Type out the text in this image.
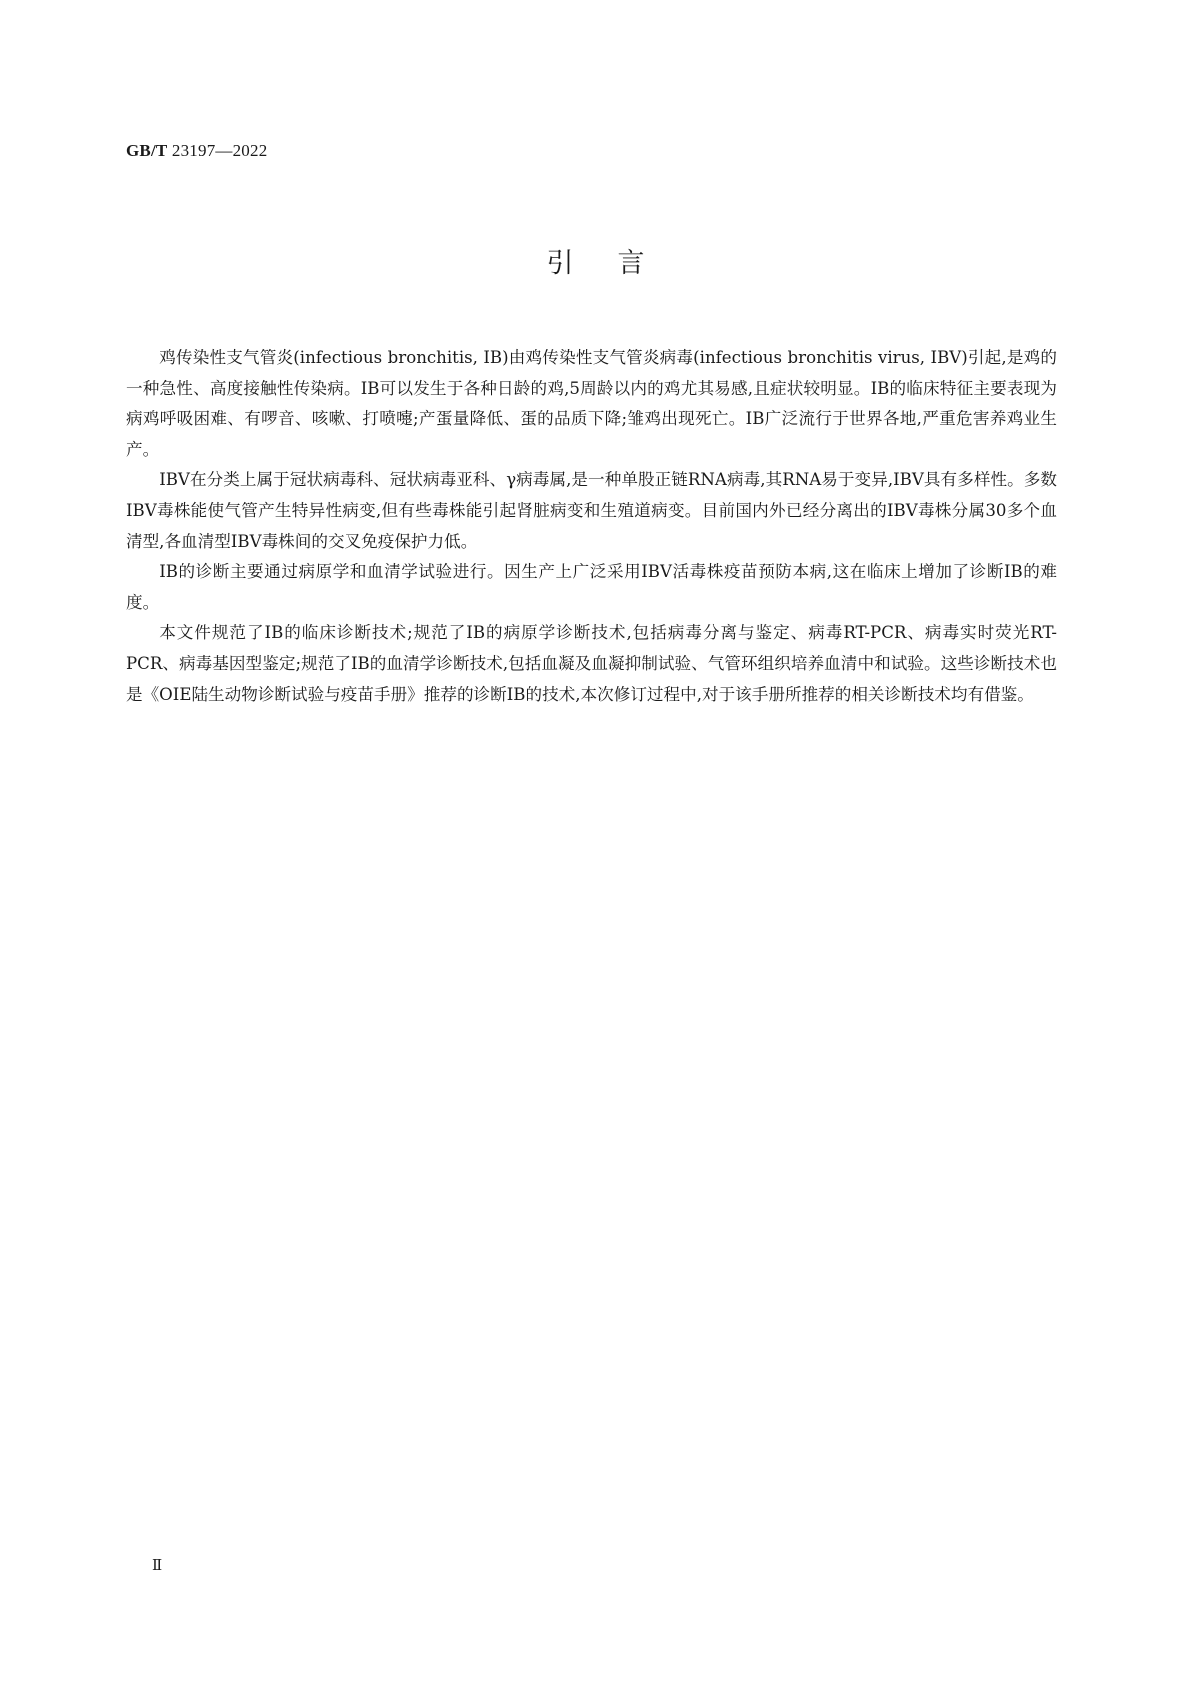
GB/T 23197—2022
引言

鸡传染性支气管炎(infectious bronchitis, IB)由鸡传染性支气管炎病毒(infectious bronchitis virus, IBV)引起,是鸡的一种急性、高度接触性传染病。IB可以发生于各种日龄的鸡,5周龄以内的鸡尤其易感,且症状较明显。IB的临床特征主要表现为病鸡呼吸困难、有啰音、咳嗽、打喷嚏;产蛋量降低、蛋的品质下降;雏鸡出现死亡。IB广泛流行于世界各地,严重危害养鸡业生产。

IBV在分类上属于冠状病毒科、冠状病毒亚科、γ病毒属,是一种单股正链RNA病毒,其RNA易于变异,IBV具有多样性。多数IBV毒株能使气管产生特异性病变,但有些毒株能引起肾脏病变和生殖道病变。目前国内外已经分离出的IBV毒株分属30多个血清型,各血清型IBV毒株间的交叉免疫保护力低。

IB的诊断主要通过病原学和血清学试验进行。因生产上广泛采用IBV活毒株疫苗预防本病,这在临床上增加了诊断IB的难度。

本文件规范了IB的临床诊断技术;规范了IB的病原学诊断技术,包括病毒分离与鉴定、病毒RT-PCR、病毒实时荧光RT-PCR、病毒基因型鉴定;规范了IB的血清学诊断技术,包括血凝及血凝抑制试验、气管环组织培养血清中和试验。这些诊断技术也是《OIE陆生动物诊断试验与疫苗手册》推荐的诊断IB的技术,本次修订过程中,对于该手册所推荐的相关诊断技术均有借鉴。

Ⅱ
